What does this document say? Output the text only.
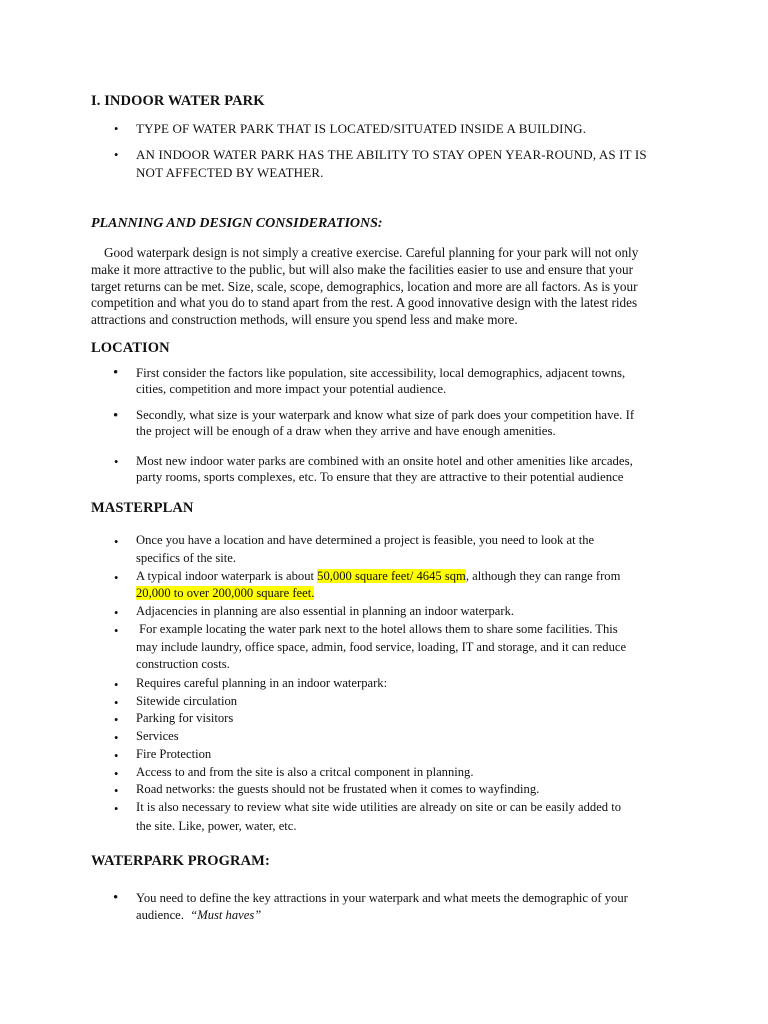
I. INDOOR WATER PARK
• TYPE OF WATER PARK THAT IS LOCATED/SITUATED INSIDE A BUILDING.
• AN INDOOR WATER PARK HAS THE ABILITY TO STAY OPEN YEAR-ROUND, AS IT IS
NOT AFFECTED BY WEATHER.
PLANNING AND DESIGN CONSIDERATIONS:
Good waterpark design is not simply a creative exercise. Careful planning for your park will not only
make it more attractive to the public, but will also make the facilities easier to use and ensure that your
target returns can be met. Size, scale, scope, demographics, location and more are all factors. As is your
competition and what you do to stand apart from the rest. A good innovative design with the latest rides
attractions and construction methods, will ensure you spend less and make more.
LOCATION
• First consider the factors like population, site accessibility, local demographics, adjacent towns,
cities, competition and more impact your potential audience.
• Secondly, what size is your waterpark and know what size of park does your competition have. If
the project will be enough of a draw when they arrive and have enough amenities.
• Most new indoor water parks are combined with an onsite hotel and other amenities like arcades,
party rooms, sports complexes, etc. To ensure that they are attractive to their potential audience
MASTERPLAN
• Once you have a location and have determined a project is feasible, you need to look at the
specifics of the site.
• A typical indoor waterpark is about 50,000 square feet/ 4645 sqm, although they can range from
20,000 to over 200,000 square feet.
• Adjacencies in planning are also essential in planning an indoor waterpark.
• For example locating the water park next to the hotel allows them to share some facilities. This
may include laundry, office space, admin, food service, loading, IT and storage, and it can reduce
construction costs.
• Requires careful planning in an indoor waterpark:
• Sitewide circulation
• Parking for visitors
• Services
• Fire Protection
• Access to and from the site is also a critcal component in planning.
• Road networks: the guests should not be frustated when it comes to wayfinding.
• It is also necessary to review what site wide utilities are already on site or can be easily added to
the site. Like, power, water, etc.
WATERPARK PROGRAM:
• You need to define the key attractions in your waterpark and what meets the demographic of your
audience.  “Must haves”
